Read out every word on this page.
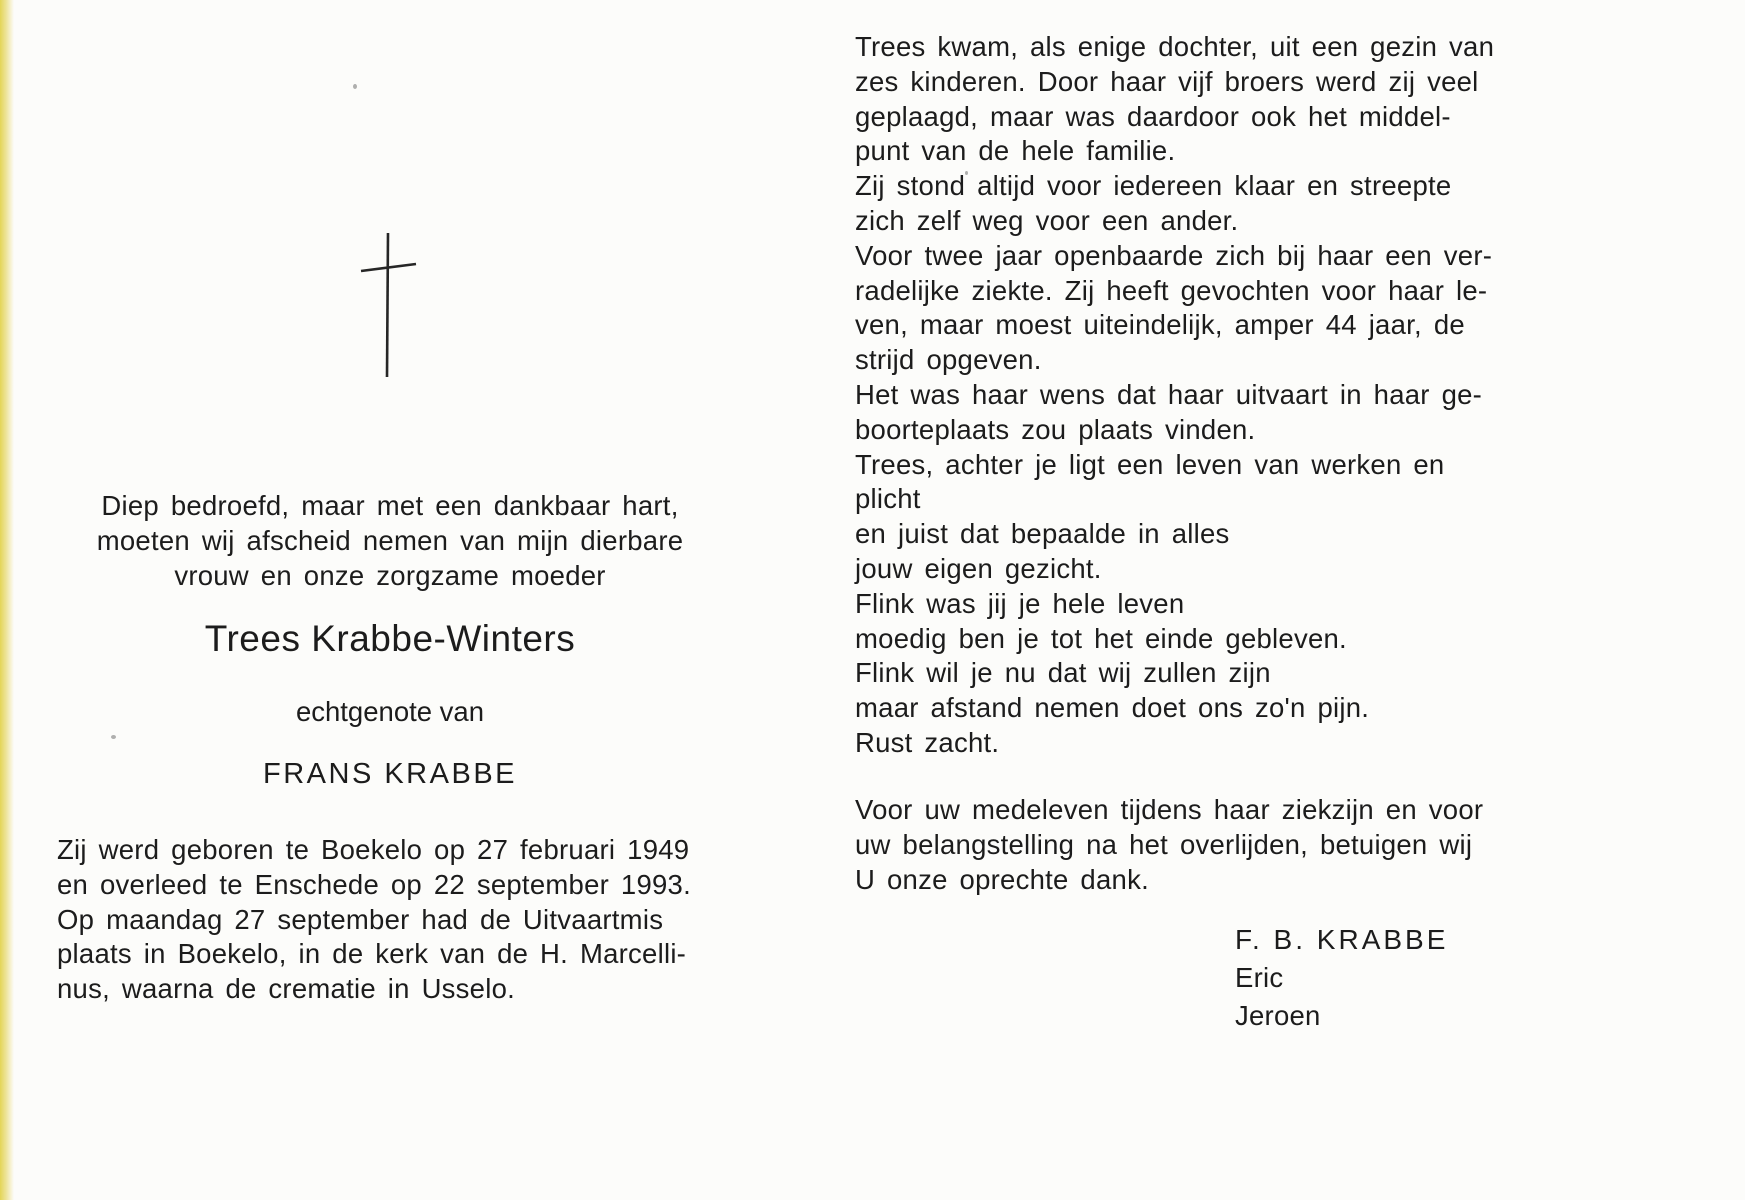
Diep bedroefd, maar met een dankbaar hart,
moeten wij afscheid nemen van mijn dierbare
vrouw en onze zorgzame moeder
Trees Krabbe-Winters
echtgenote van
FRANS KRABBE
Zij werd geboren te Boekelo op 27 februari 1949
en overleed te Enschede op 22 september 1993.
Op maandag 27 september had de Uitvaartmis
plaats in Boekelo, in de kerk van de H. Marcelli-
nus, waarna de crematie in Usselo.
Trees kwam, als enige dochter, uit een gezin van
zes kinderen. Door haar vijf broers werd zij veel
geplaagd, maar was daardoor ook het middel-
punt van de hele familie.
Zij stond altijd voor iedereen klaar en streepte
zich zelf weg voor een ander.
Voor twee jaar openbaarde zich bij haar een ver-
radelijke ziekte. Zij heeft gevochten voor haar le-
ven, maar moest uiteindelijk, amper 44 jaar, de
strijd opgeven.
Het was haar wens dat haar uitvaart in haar ge-
boorteplaats zou plaats vinden.
Trees, achter je ligt een leven van werken en
plicht
en juist dat bepaalde in alles
jouw eigen gezicht.
Flink was jij je hele leven
moedig ben je tot het einde gebleven.
Flink wil je nu dat wij zullen zijn
maar afstand nemen doet ons zo'n pijn.
Rust zacht.
Voor uw medeleven tijdens haar ziekzijn en voor
uw belangstelling na het overlijden, betuigen wij
U onze oprechte dank.
F. B. KRABBE
Eric
Jeroen
